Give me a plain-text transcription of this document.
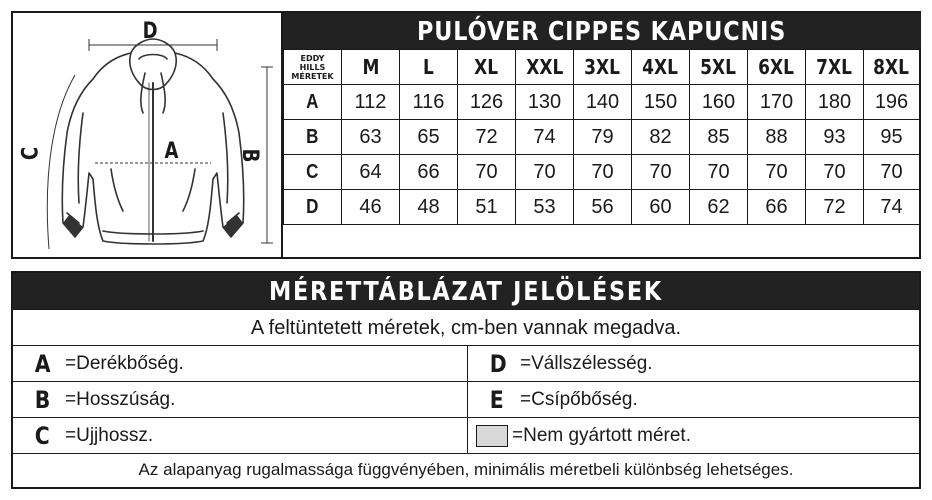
D
A	B
C
PULÓVER CIPPES KAPUCNIS
EDDY
HILLS
MÉRETEK	M	L	XL	XXL	3XL	4XL	5XL	6XL	7XL	8XL
A	112	116	126	130	140	150	160	170	180	196
B	63	65	72	74	79	82	85	88	93	95
C	64	66	70	70	70	70	70	70	70	70
D	46	48	51	53	56	60	62	66	72	74
MÉRETTÁBLÁZAT JELÖLÉSEK
A feltüntetett méretek, cm-ben vannak megadva.
A =Derékbőség.	D =Vállszélesség.
B =Hosszúság.	E =Csípőbőség.
C =Ujjhossz.	=Nem gyártott méret.
Az alapanyag rugalmassága függvényében, minimális méretbeli különbség lehetséges.
